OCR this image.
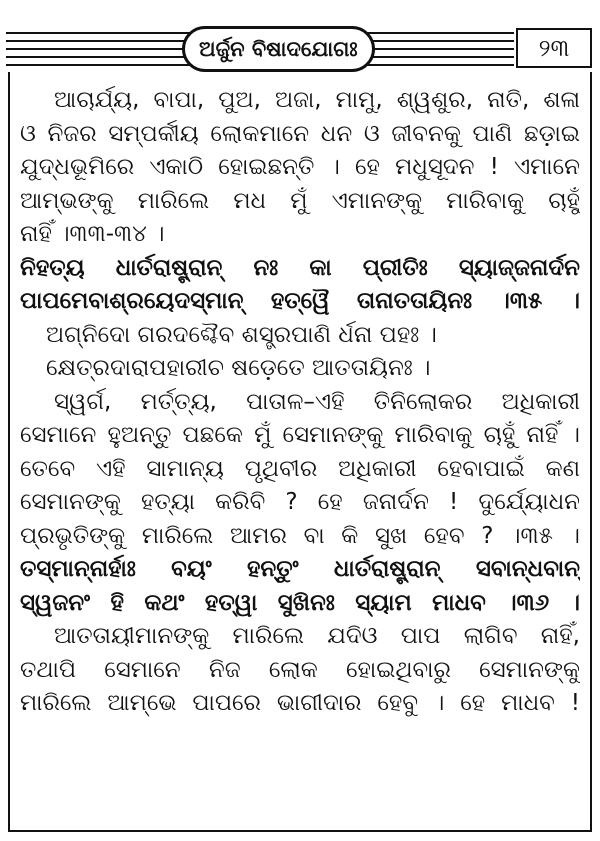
ଅର୍ଜୁନ ବିଷାଦଯୋଗଃ	୨୩
ଆଚାର୍ଯ୍ୟ, ବାପା, ପୁଅ, ଅଜା, ମାମୁ, ଶ୍ୱଶୁର, ନାତି, ଶଳା
ଓ ନିଜର ସମ୍ପର୍କୀୟ ଲୋକମାନେ ଧନ ଓ ଜୀବନକୁ ପାଣି ଛଡ଼ାଇ
ଯୁଦ୍ଧଭୂମିରେ ଏକାଠି ହୋଇଛନ୍ତି । ହେ ମଧୁସୂଦନ ! ଏମାନେ
ଆମ୍ଭଙ୍କୁ ମାରିଲେ ମଧ ମୁଁ ଏମାନଙ୍କୁ ମାରିବାକୁ ଚାହୁଁ
ନାହିଁ ।୩୩-୩୪ ।
ନିହତ୍ୟ ଧାର୍ତରାଷ୍ଟ୍ରାନ୍ ନଃ କା ପ୍ରୀତିଃ ସ୍ୟାଜ୍ଜନାର୍ଦନ
ପାପମେବାଶ୍ରୟେଦସ୍ମାନ୍ ହତ୍ୱୈ ତାନାତତାୟିନଃ ।୩୫ ।
ଅଗ୍ନିଦୋ ଗରଦଶ୍ଚୈବ ଶସ୍ତ୍ରପାଣି ର୍ଧନା ପହଃ ।
କ୍ଷେତ୍ରଦାରାପହାରୀଚ ଷଡ଼େତେ ଆତତାୟିନଃ ।
ସ୍ୱର୍ଗ, ମର୍ତ୍ତ୍ୟ, ପାତାଳ–ଏହି ତିନିଲୋକର ଅଧିକାରୀ
ସେମାନେ ହୁଅନ୍ତୁ ପଛକେ ମୁଁ ସେମାନଙ୍କୁ ମାରିବାକୁ ଚାହୁଁ ନାହିଁ ।
ତେବେ ଏହି ସାମାନ୍ୟ ପୃଥିବୀର ଅଧିକାରୀ ହେବାପାଇଁ କଣ
ସେମାନଙ୍କୁ ହତ୍ୟା କରିବି ? ହେ ଜନାର୍ଦନ ! ଦୁର୍ଯ୍ୟୋଧନ
ପ୍ରଭୃତିଙ୍କୁ ମାରିଲେ ଆମର ବା କି ସୁଖ ହେବ ? ।୩୫ ।
ତସ୍ମାନ୍ନାର୍ହାଃ ବୟଂ ହନ୍ତୁଂ ଧାର୍ତରାଷ୍ଟ୍ରାନ୍ ସବାନ୍ଧବାନ୍
ସ୍ୱଜନଂ ହି କଥଂ ହତ୍ୱା ସୁଖିନଃ ସ୍ୟାମ ମାଧବ ।୩୬ ।
ଆତତାୟୀମାନଙ୍କୁ ମାରିଲେ ଯଦିଓ ପାପ ଲାଗିବ ନାହିଁ,
ତଥାପି ସେମାନେ ନିଜ ଲୋକ ହୋଇଥିବାରୁ ସେମାନଙ୍କୁ
ମାରିଲେ ଆମ୍ଭେ ପାପରେ ଭାଗୀଦାର ହେବୁ । ହେ ମାଧବ !
